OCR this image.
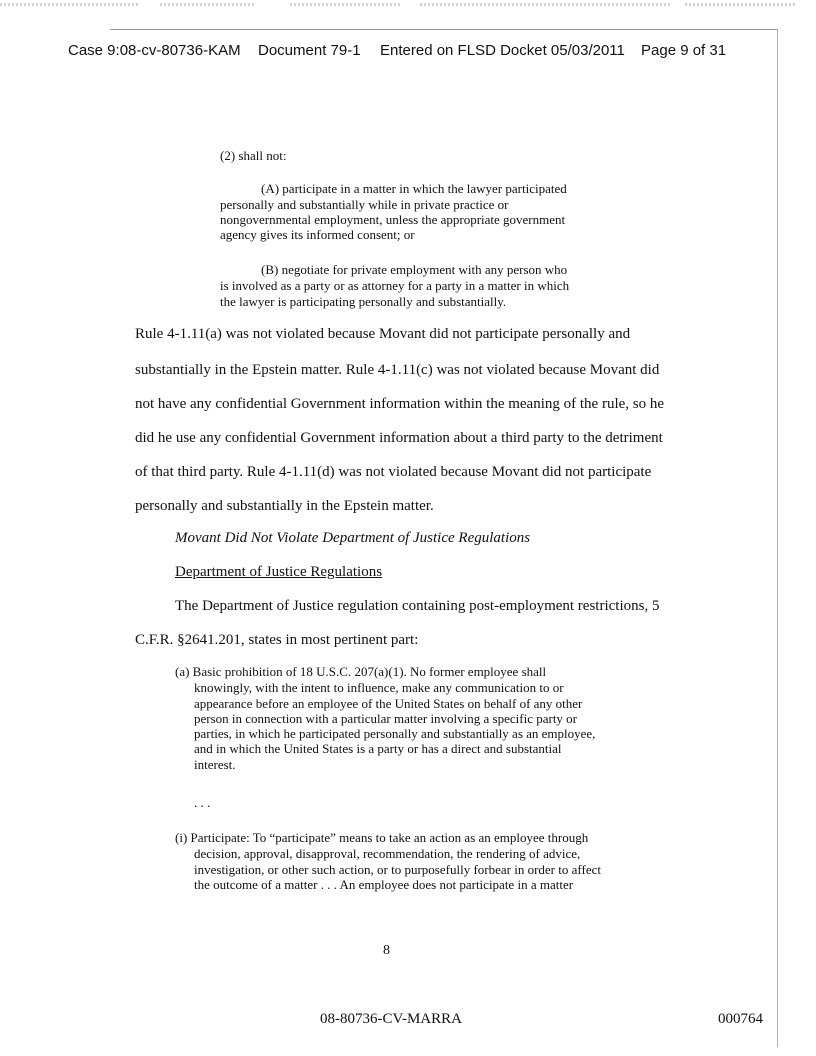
Case 9:08-cv-80736-KAM Document 79-1 Entered on FLSD Docket 05/03/2011 Page 9 of 31
(2) shall not:
(A) participate in a matter in which the lawyer participated
personally and substantially while in private practice or
nongovernmental employment, unless the appropriate government
agency gives its informed consent; or
(B) negotiate for private employment with any person who
is involved as a party or as attorney for a party in a matter in which
the lawyer is participating personally and substantially.
Rule 4-1.11(a) was not violated because Movant did not participate personally and
substantially in the Epstein matter. Rule 4-1.11(c) was not violated because Movant did
not have any confidential Government information within the meaning of the rule, so he
did he use any confidential Government information about a third party to the detriment
of that third party. Rule 4-1.11(d) was not violated because Movant did not participate
personally and substantially in the Epstein matter.
Movant Did Not Violate Department of Justice Regulations
Department of Justice Regulations
The Department of Justice regulation containing post-employment restrictions, 5
C.F.R. §2641.201, states in most pertinent part:
(a) Basic prohibition of 18 U.S.C. 207(a)(1). No former employee shall
knowingly, with the intent to influence, make any communication to or
appearance before an employee of the United States on behalf of any other
person in connection with a particular matter involving a specific party or
parties, in which he participated personally and substantially as an employee,
and in which the United States is a party or has a direct and substantial
interest.
. . .
(i) Participate: To “participate” means to take an action as an employee through
decision, approval, disapproval, recommendation, the rendering of advice,
investigation, or other such action, or to purposefully forbear in order to affect
the outcome of a matter . . . An employee does not participate in a matter
8
08-80736-CV-MARRA	000764
